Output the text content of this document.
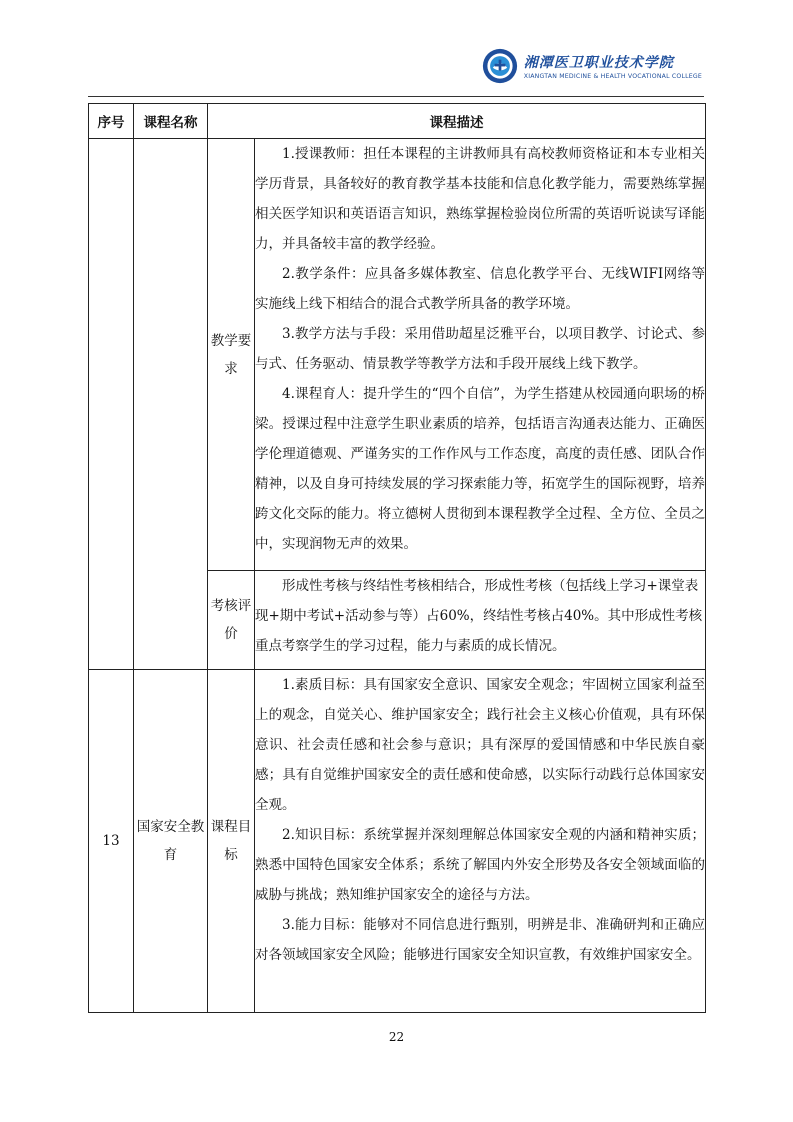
湘潭医卫职业技术学院
XIANGTAN MEDICINE & HEALTH VOCATIONAL COLLEGE
序号	课程名称	课程描述	
		教学要求	1.授课教师：担任本课程的主讲教师具有高校教师资格证和本专业相关学历背景，具备较好的教育教学基本技能和信息化教学能力，需要熟练掌握相关医学知识和英语语言知识，熟练掌握检验岗位所需的英语听说读写译能力，并具备较丰富的教学经验。

2.教学条件：应具备多媒体教室、信息化教学平台、无线WIFI网络等实施线上线下相结合的混合式教学所具备的教学环境。

3.教学方法与手段：采用借助超星泛雅平台，以项目教学、讨论式、参与式、任务驱动、情景教学等教学方法和手段开展线上线下教学。

4.课程育人：提升学生的“四个自信”，为学生搭建从校园通向职场的桥梁。授课过程中注意学生职业素质的培养，包括语言沟通表达能力、正确医学伦理道德观、严谨务实的工作作风与工作态度，高度的责任感、团队合作精神，以及自身可持续发展的学习探索能力等，拓宽学生的国际视野，培养跨文化交际的能力。将立德树人贯彻到本课程教学全过程、全方位、全员之中，实现润物无声的效果。

		考核评价	形成性考核与终结性考核相结合，形成性考核（包括线上学习+课堂表现+期中考试+活动参与等）占60%，终结性考核占40%。其中形成性考核重点考察学生的学习过程，能力与素质的成长情况。

13	国家安全教育	课程目标	1.素质目标：具有国家安全意识、国家安全观念；牢固树立国家利益至上的观念，自觉关心、维护国家安全；践行社会主义核心价值观，具有环保意识、社会责任感和社会参与意识；具有深厚的爱国情感和中华民族自豪感；具有自觉维护国家安全的责任感和使命感，以实际行动践行总体国家安全观。

2.知识目标：系统掌握并深刻理解总体国家安全观的内涵和精神实质；熟悉中国特色国家安全体系；系统了解国内外安全形势及各安全领域面临的威胁与挑战；熟知维护国家安全的途径与方法。

3.能力目标：能够对不同信息进行甄别，明辨是非、准确研判和正确应对各领域国家安全风险；能够进行国家安全知识宣教，有效维护国家安全。

22
